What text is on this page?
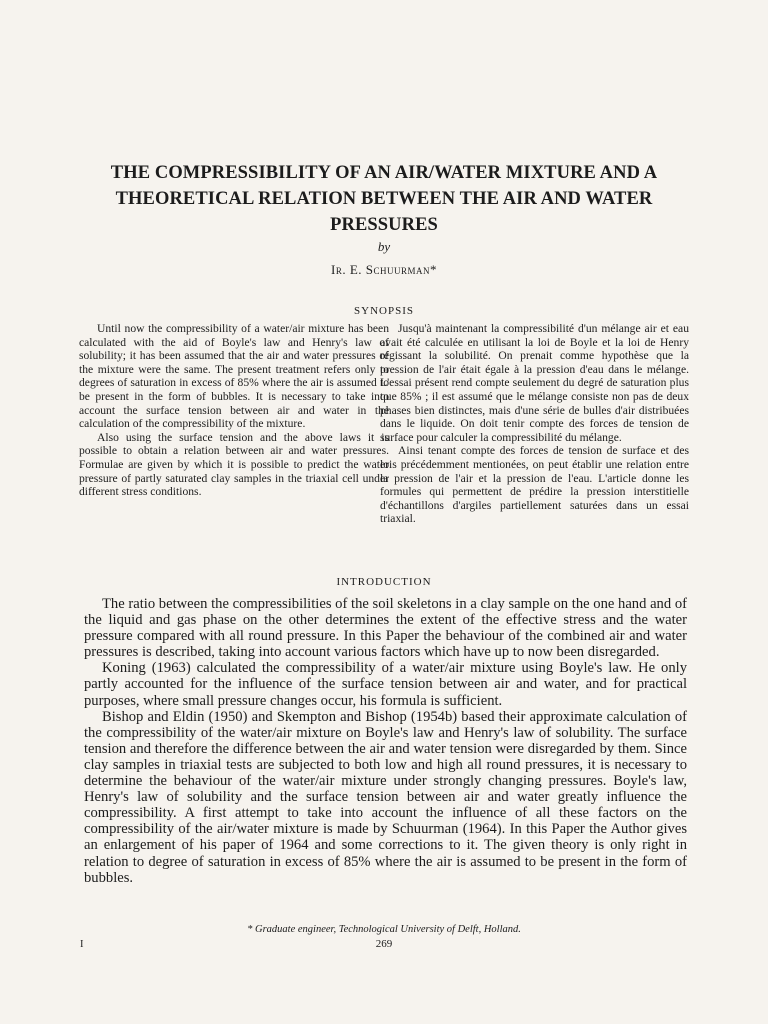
THE COMPRESSIBILITY OF AN AIR/WATER MIXTURE AND A THEORETICAL RELATION BETWEEN THE AIR AND WATER PRESSURES
by
Ir. E. Schuurman*
SYNOPSIS

Until now the compressibility of a water/air mixture has been calculated with the aid of Boyle's law and Henry's law of solubility; it has been assumed that the air and water pressures of the mixture were the same. The present treatment refers only to degrees of saturation in excess of 85% where the air is assumed to be present in the form of bubbles. It is necessary to take into account the surface tension between air and water in the calculation of the compressibility of the mixture.

Also using the surface tension and the above laws it is possible to obtain a relation between air and water pressures. Formulae are given by which it is possible to predict the water pressure of partly saturated clay samples in the triaxial cell under different stress conditions.

Jusqu'à maintenant la compressibilité d'un mélange air et eau avait été calculée en utilisant la loi de Boyle et la loi de Henry régissant la solubilité. On prenait comme hypothèse que la pression de l'air était égale à la pression d'eau dans le mélange. L'essai présent rend compte seulement du degré de saturation plus que 85% ; il est assumé que le mélange consiste non pas de deux phases bien distinctes, mais d'une série de bulles d'air distribuées dans le liquide. On doit tenir compte des forces de tension de surface pour calculer la compressibilité du mélange.

Ainsi tenant compte des forces de tension de surface et des lois précédemment mentionées, on peut établir une relation entre la pression de l'air et la pression de l'eau. L'article donne les formules qui permettent de prédire la pression interstitielle d'échantillons d'argiles partiellement saturées dans un essai triaxial.

INTRODUCTION

The ratio between the compressibilities of the soil skeletons in a clay sample on the one hand and of the liquid and gas phase on the other determines the extent of the effective stress and the water pressure compared with all round pressure. In this Paper the behaviour of the combined air and water pressures is described, taking into account various factors which have up to now been disregarded.

Koning (1963) calculated the compressibility of a water/air mixture using Boyle's law. He only partly accounted for the influence of the surface tension between air and water, and for practical purposes, where small pressure changes occur, his formula is sufficient.

Bishop and Eldin (1950) and Skempton and Bishop (1954b) based their approximate calculation of the compressibility of the water/air mixture on Boyle's law and Henry's law of solubility. The surface tension and therefore the difference between the air and water tension were disregarded by them. Since clay samples in triaxial tests are subjected to both low and high all round pressures, it is necessary to determine the behaviour of the water/air mixture under strongly changing pressures. Boyle's law, Henry's law of solubility and the surface tension between air and water greatly influence the compressibility. A first attempt to take into account the influence of all these factors on the compressibility of the air/water mixture is made by Schuurman (1964). In this Paper the Author gives an enlargement of his paper of 1964 and some corrections to it. The given theory is only right in relation to degree of saturation in excess of 85% where the air is assumed to be present in the form of bubbles.

* Graduate engineer, Technological University of Delft, Holland.
I	269
